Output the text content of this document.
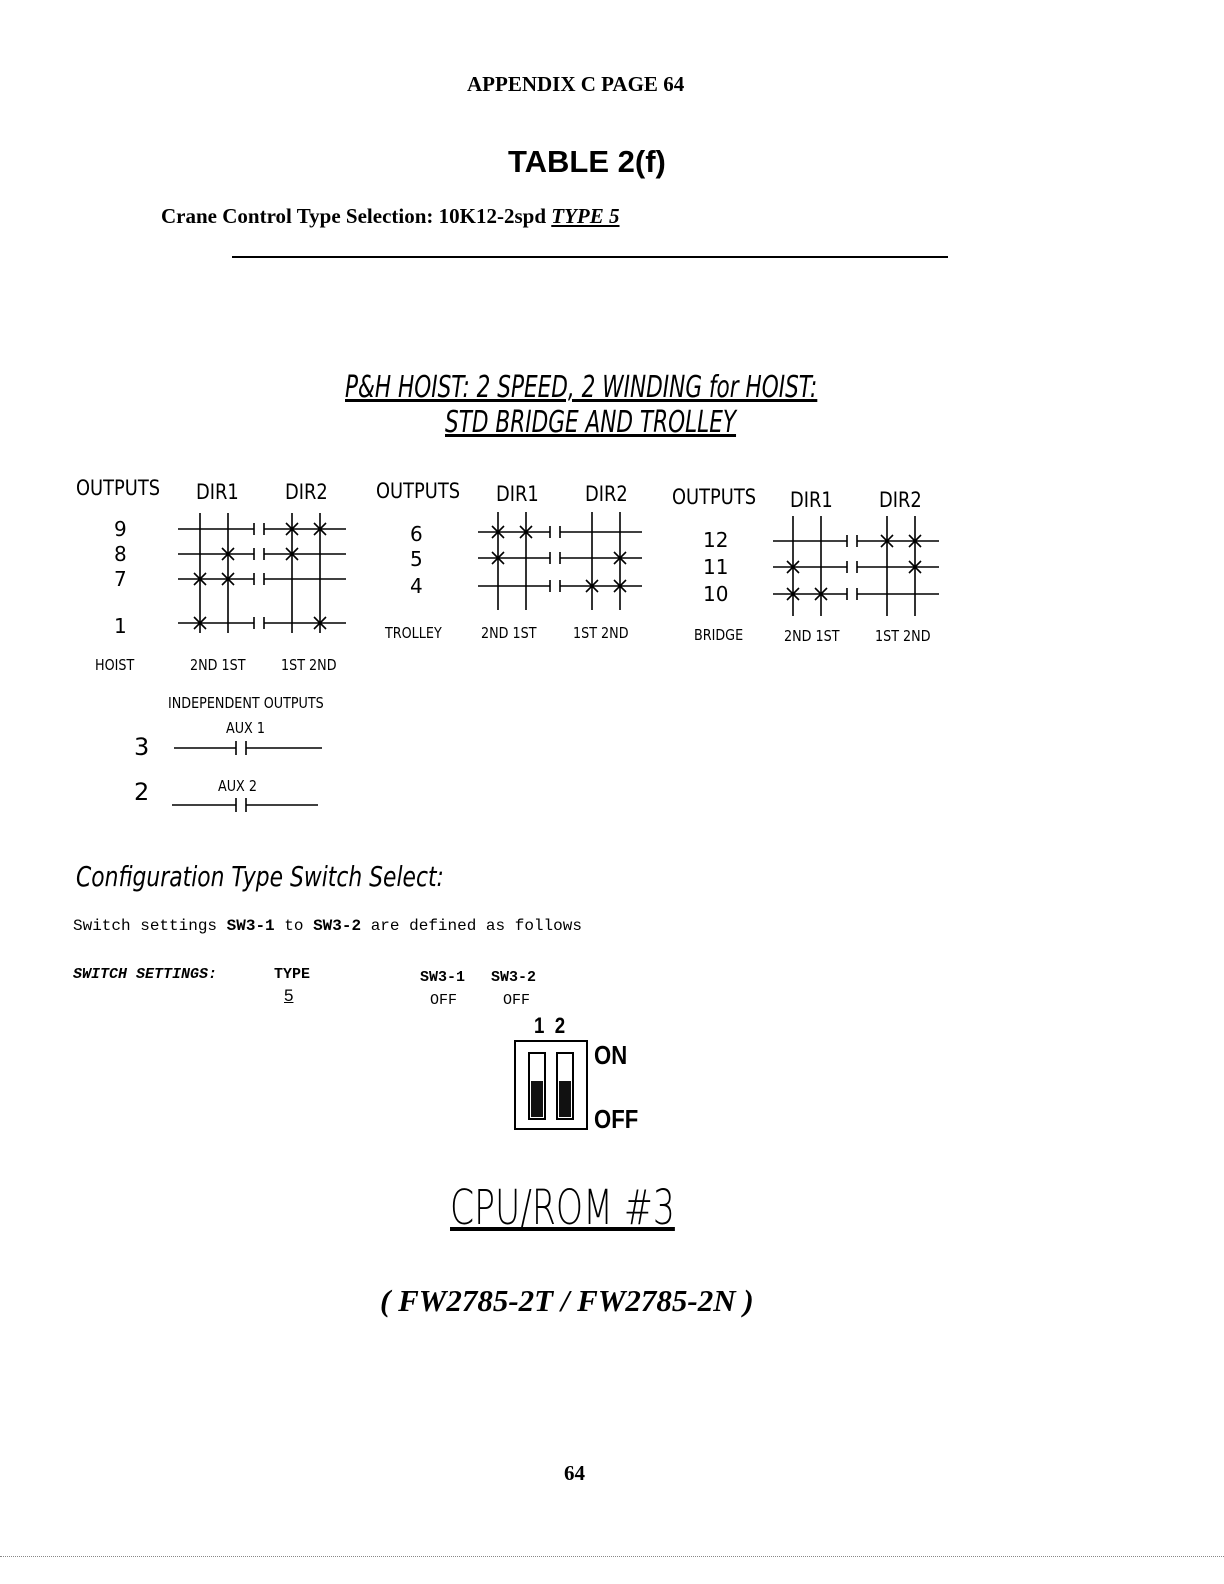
APPENDIX C PAGE 64
TABLE 2(f)
Crane Control Type Selection: 10K12-2spd TYPE 5
P&H HOIST: 2 SPEED, 2 WINDING for HOIST:
STD BRIDGE AND TROLLEY
OUTPUTS DIR1 DIR2
9
8
7
1
HOIST	2ND 1ST 1ST 2ND
INDEPENDENT OUTPUTS
AUX 1
3
AUX 2
2
OUTPUTS DIR1 DIR2
6
5
4
TROLLEY	2ND 1ST 1ST 2ND
OUTPUTS DIR1 DIR2
12
11
10
BRIDGE	2ND 1ST 1ST 2ND
Configuration Type Switch Select:
Switch settings SW3-1 to SW3-2 are defined as follows
SWITCH SETTINGS:	TYPE
5
SW3-1 SW3-2
OFF	OFF
1 2
ON
OFF
CPU/ROM #3
( FW2785-2T / FW2785-2N )
64
